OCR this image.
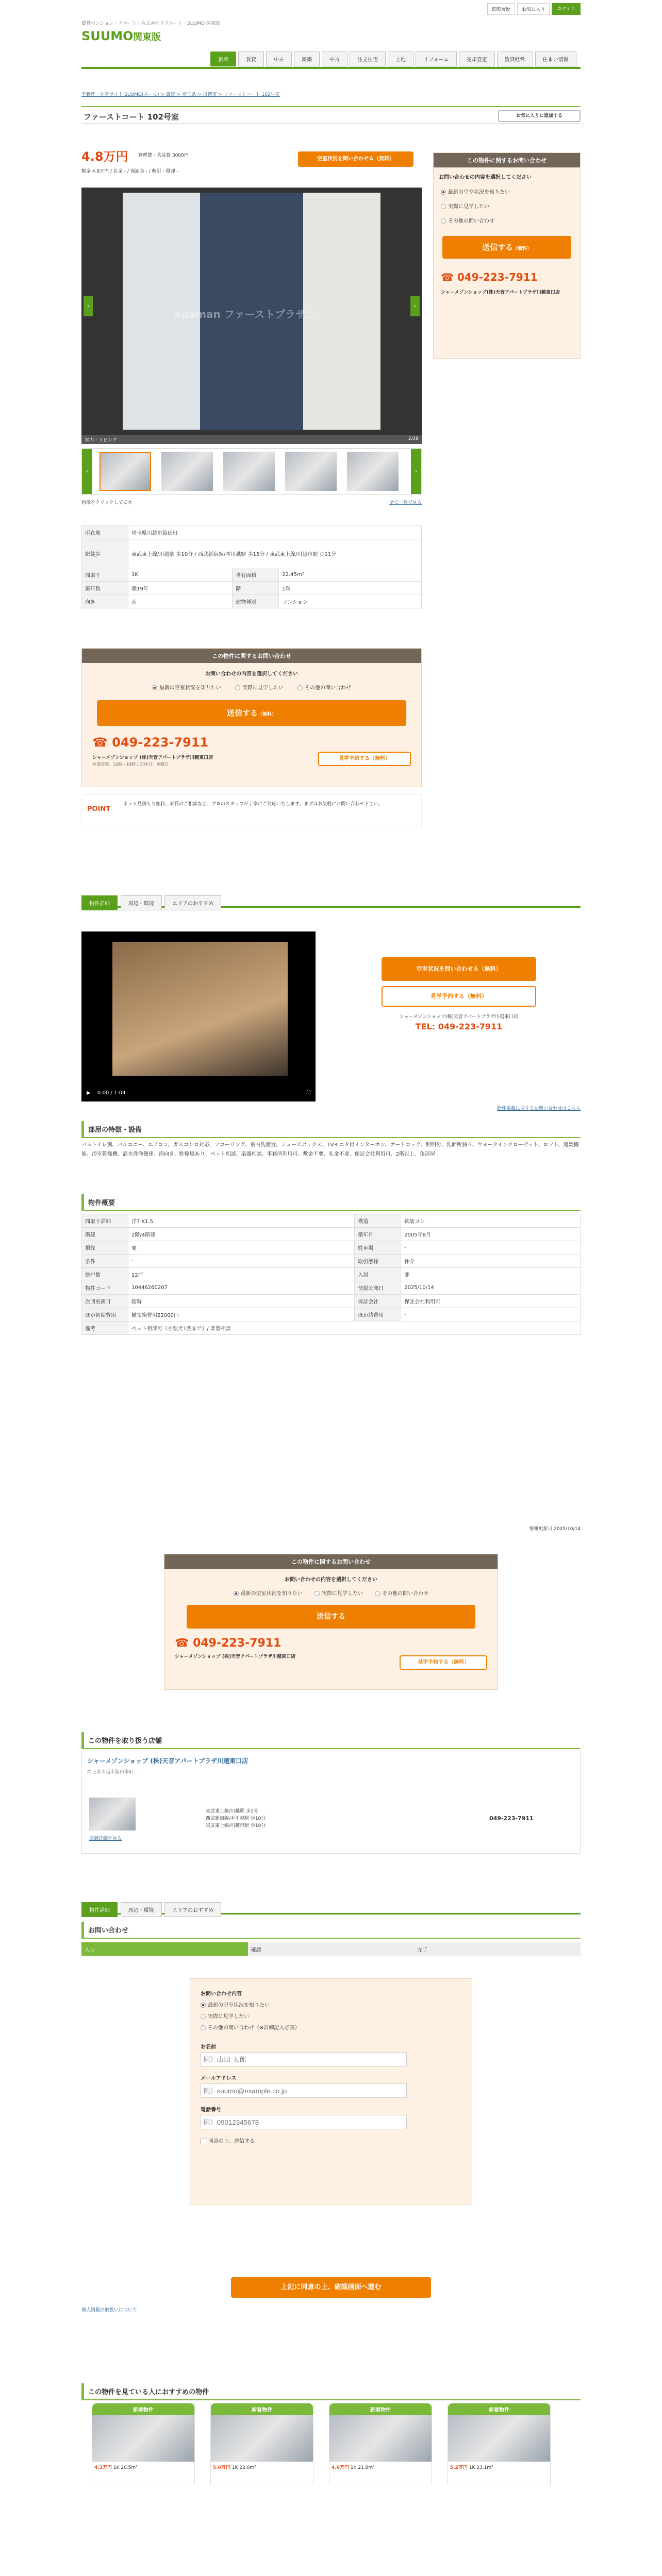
賃貸マンション・アパート | 株式会社リクルート・SUUMO 関東版
閲覧履歴	お気に入り	ログイン
SUUMO 関東版
新着	賃貸	中古	新築	中古	注文住宅	土地	リフォーム	売却査定	賃貸経営	住まい情報
不動産・住宅サイト SUUMO(スーモ) > 賃貸 > 埼玉県 > 川越市 > ファーストコート 102号室
ファーストコート 102号室	お気に入りに追加する
4.8万円	管理費・共益費 3000円
敷金 4.8万円 / 礼金 - / 保証金 - / 敷引・償却 -
空室状況を問い合わせる（無料）
apaman ファーストプラザ…
‹	›
室内・リビング	2/28
‹	›
画像をクリックして拡大	全て一覧で見る
この物件に関するお問い合わせ
お問い合わせの内容を選択してください
最新の空室状況を知りたい
実際に見学したい
その他の問い合わせ
送信する（無料）
☎ 049-223-7911
シャーメゾンショップ(株)天音アパートプラザ川越東口店
所在地	埼玉県川越市脇田町		
駅徒歩	東武東上線/川越駅 歩10分 / 西武新宿線/本川越駅 歩15分 / 東武東上線/川越市駅 歩11分		
間取り	1K	専有面積	22.45m²
築年数	築19年	階	1階
向き	南	建物種別	マンション
この物件に関するお問い合わせ
お問い合わせの内容を選択してください
最新の空室状況を知りたい	実際に見学したい	その他の問い合わせ
送信する（無料）
☎ 049-223-7911
見学予約する（無料）
シャーメゾンショップ (株)天音アパートプラザ川越東口店
営業時間：10時～19時 / 定休日：水曜日
POINT
ネット見積もり無料、家賃のご相談など、プロのスタッフが丁寧にご対応いたします。まずはお気軽にお問い合わせ下さい。
物件詳細	周辺・環境	エリアのおすすめ
▶ 0:00 / 1:04	⛶
空室状況を問い合わせる（無料）
見学予約する（無料）
シャーメゾンショップ(株)天音アパートプラザ川越東口店
TEL: 049-223-7911
物件掲載に関するお問い合わせはこちら
部屋の特徴・設備
バストイレ別、バルコニー、エアコン、ガスコンロ対応、フローリング、室内洗濯置、シューズボックス、TVモニタ付インターホン、オートロック、照明付、洗面所独立、ウォークインクローゼット、ロフト、追焚機能、浴室乾燥機、温水洗浄便座、南向き、駐輪場あり、ペット相談、楽器相談、事務所利用可、敷金不要、礼金不要、保証会社利用可、2階以上、角部屋
物件概要
間取り詳細	洋7 K1.5	構造	鉄筋コン
階建	2階/4階建	築年月	2005年8月
損保	要	駐車場	-
条件	-	取引態様	仲介
総戸数	12戸	入居	即
物件コード	10446260207	情報公開日	2025/10/14
次回更新日	随時	保証会社	保証会社利用可
ほか初期費用	鍵交換費用22000円	ほか諸費用	-
備考	ペット相談可（小型犬1匹まで）/ 楽器相談		
情報更新日 2025/10/14
この物件に関するお問い合わせ
お問い合わせの内容を選択してください
最新の空室状況を知りたい	実際に見学したい	その他の問い合わせ
送信する
☎ 049-223-7911
見学予約する（無料）
シャーメゾンショップ (株)天音アパートプラザ川越東口店
この物件を取り扱う店舗
シャーメゾンショップ (株)天音アパートプラザ川越東口店
埼玉県川越市脇田本町…
店舗詳細を見る
東武東上線/川越駅 歩1分
西武新宿線/本川越駅 歩10分
東武東上線/川越市駅 歩10分
049-223-7911
物件詳細	周辺・環境	エリアのおすすめ
お問い合わせ
入力	確認	完了
お問い合わせ内容
最新の空室状況を知りたい
実際に見学したい
その他の問い合わせ（※詳細記入必須）
お名前
例）山田 太郎
メールアドレス
例）suumo@example.co.jp
電話番号
例）09012345678
同意の上、送信する
上記に同意の上、確認画面へ進む
個人情報の取扱いについて
この物件を見ている人におすすめの物件
新着物件
4.3万円 1K 20.5m²
新着物件
5.0万円 1K 22.0m²
新着物件
4.6万円 1K 21.8m²
新着物件
5.2万円 1K 23.1m²
